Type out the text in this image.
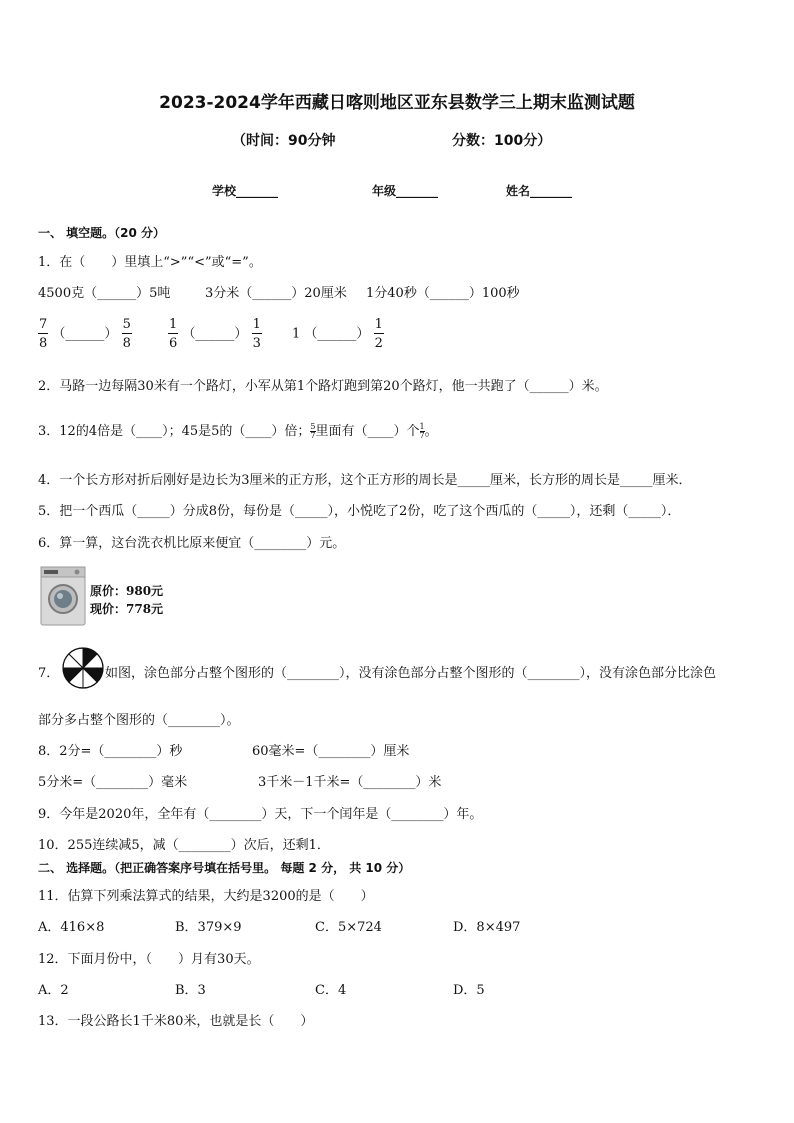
2023-2024学年西藏日喀则地区亚东县数学三上期末监测试题
（时间：90分钟	分数：100分）
学校_______	年级_______	姓名_______
一、 填空题。（20 分）
1．在（　　）里填上“>”“<”或“=”。
4500克（______）5吨	3分米（______）20厘米 1分40秒（______）100秒
$\frac{7}{8}$ （______） $\frac{5}{8}$	$\frac{1}{6}$ （______） $\frac{1}{3} 1$ （______） $\frac{1}{2}$
2．马路一边每隔30米有一个路灯，小军从第1个路灯跑到第20个路灯，他一共跑了（______）米。
3．12的4倍是（____）；45是5的（____）倍； $\frac{5}{7}$ 里面有（____）个 $\frac{1}{7}$ 。
4．一个长方形对折后刚好是边长为3厘米的正方形，这个正方形的周长是_____厘米，长方形的周长是_____厘米．
5．把一个西瓜（_____）分成8份，每份是（_____），小悦吃了2份，吃了这个西瓜的（_____），还剩（_____）．
6．算一算，这台洗衣机比原来便宜（________）元。
原价：980元
现价：778元
7．	如图，涂色部分占整个图形的（________），没有涂色部分占整个图形的（________），没有涂色部分比涂色
部分多占整个图形的（________）。
8．2分=（________）秒	60毫米=（________）厘米
5分米=（________）毫米	3千米－1千米=（________）米
9．今年是2020年，全年有（________）天，下一个闰年是（________）年。
10．255连续减5，减（________）次后，还剩1．
二、 选择题。（把正确答案序号填在括号里。 每题 2 分， 共 10 分）
11．估算下列乘法算式的结果，大约是3200的是（　　）
A．416×8	B．379×9	C．5×724	D．8×497
12．下面月份中，（　　）月有30天。
A．2	B．3	C．4	D．5
13．一段公路长1千米80米，也就是长（　　）
